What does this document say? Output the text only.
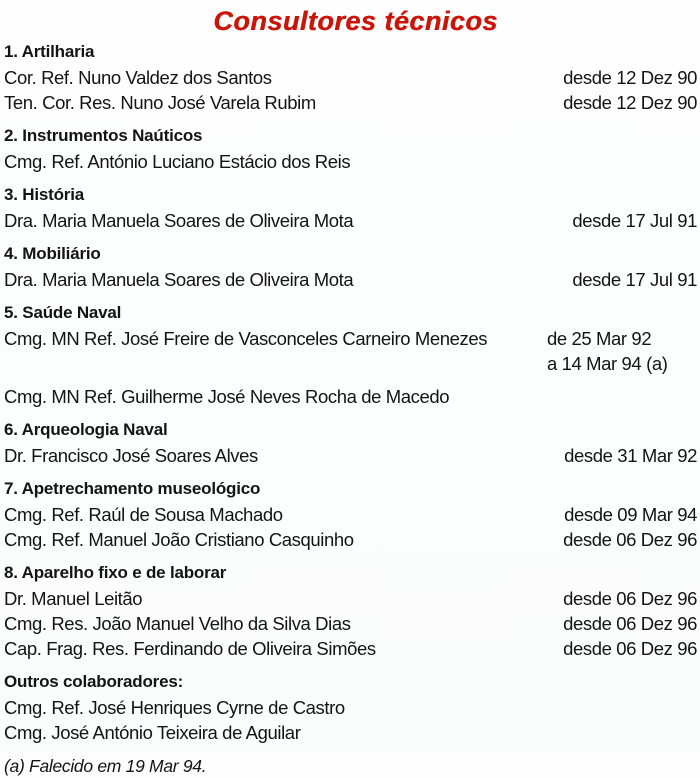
Consultores técnicos

1. Artilharia

Cor. Ref. Nuno Valdez dos Santos	desde 12 Dez 90
Ten. Cor. Res. Nuno José Varela Rubim	desde 12 Dez 90

2. Instrumentos Naúticos

Cmg. Ref. António Luciano Estácio dos Reis

3. História

Dra. Maria Manuela Soares de Oliveira Mota	desde 17 Jul 91

4. Mobiliário

Dra. Maria Manuela Soares de Oliveira Mota	desde 17 Jul 91

5. Saúde Naval

Cmg. MN Ref. José Freire de Vasconceles Carneiro Menezes	de 25 Mar 92
a 14 Mar 94 (a)
Cmg. MN Ref. Guilherme José Neves Rocha de Macedo

6. Arqueologia Naval

Dr. Francisco José Soares Alves	desde 31 Mar 92

7. Apetrechamento museológico

Cmg. Ref. Raúl de Sousa Machado	desde 09 Mar 94
Cmg. Ref. Manuel João Cristiano Casquinho	desde 06 Dez 96

8. Aparelho fixo e de laborar

Dr. Manuel Leitão	desde 06 Dez 96
Cmg. Res. João Manuel Velho da Silva Dias	desde 06 Dez 96
Cap. Frag. Res. Ferdinando de Oliveira Simões	desde 06 Dez 96

Outros colaboradores:

Cmg. Ref. José Henriques Cyrne de Castro
Cmg. José António Teixeira de Aguilar

(a) Falecido em 19 Mar 94.
